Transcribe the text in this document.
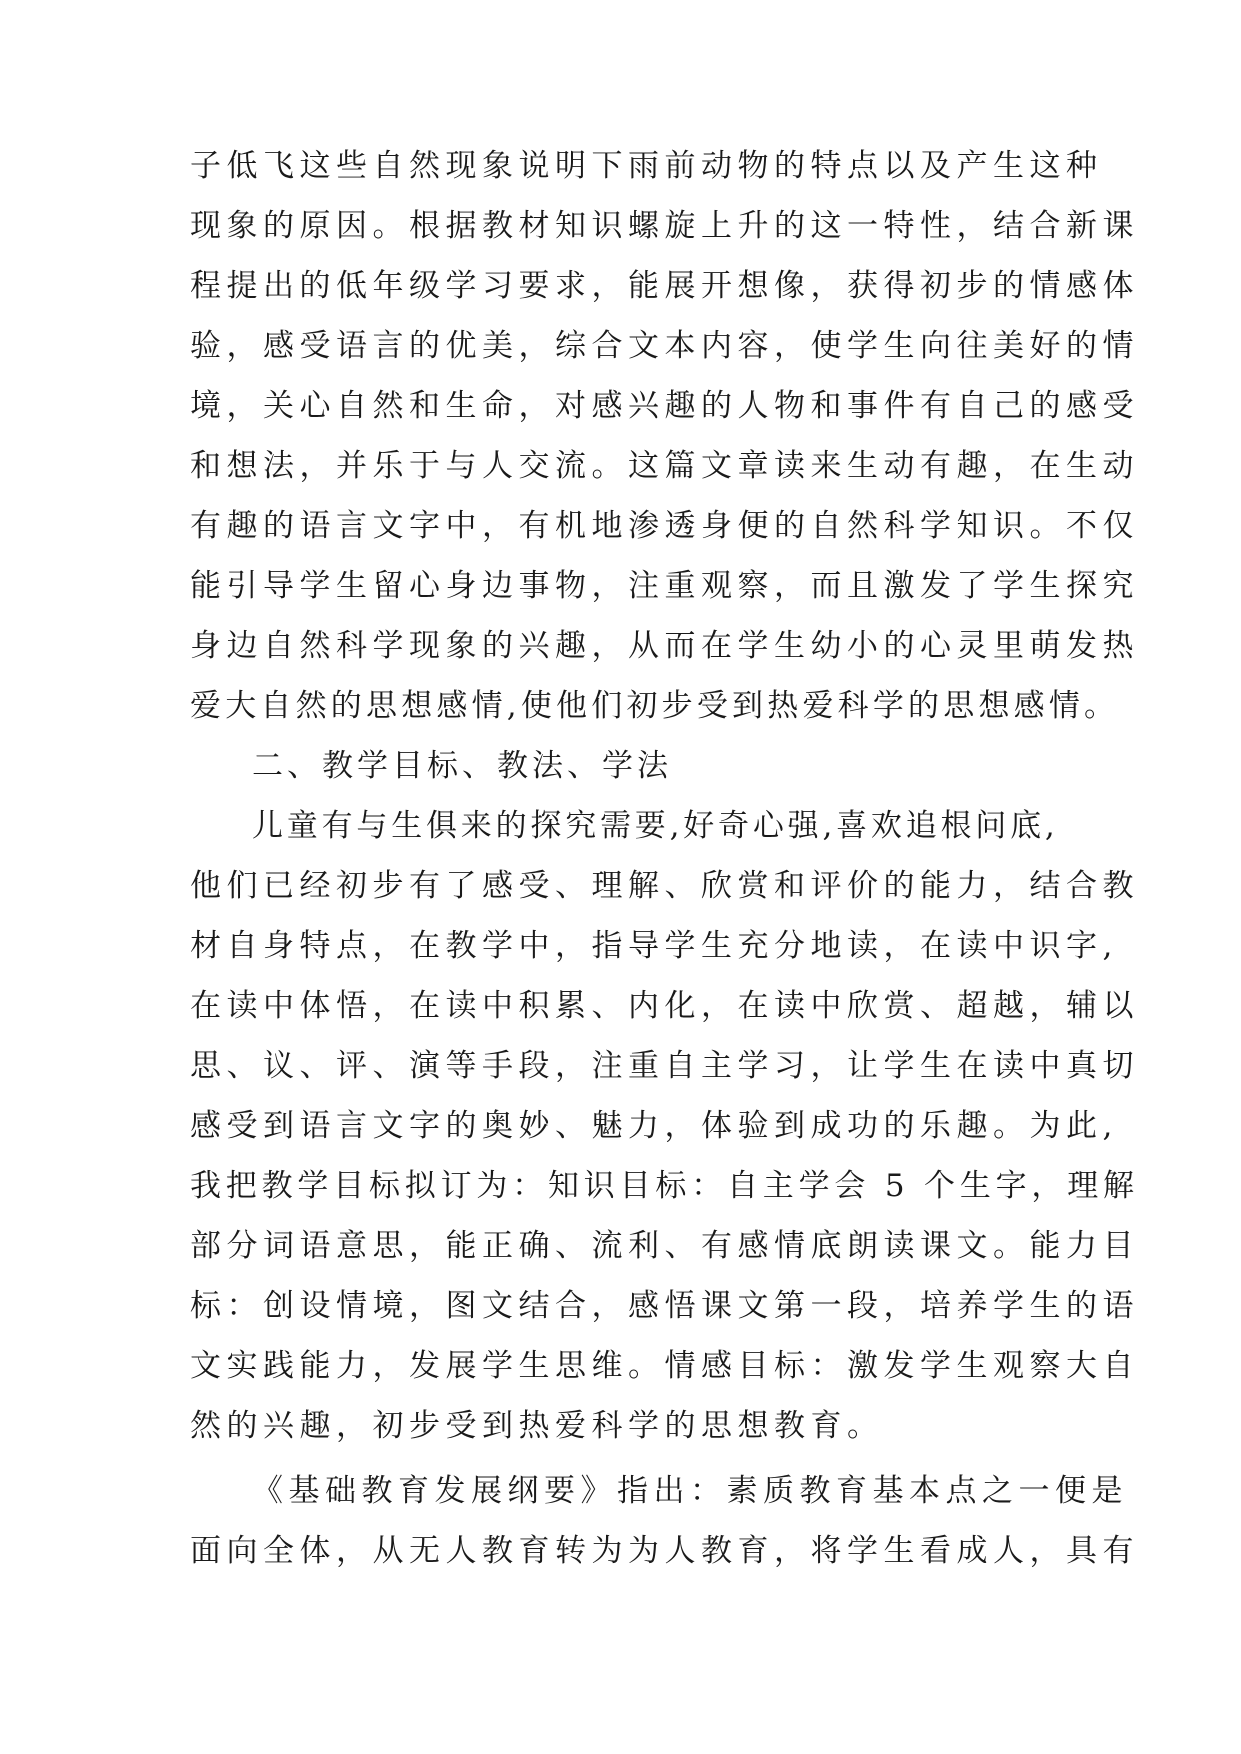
子低飞这些自然现象说明下雨前动物的特点以及产生这种
现象的原因。根据教材知识螺旋上升的这一特性，结合新课
程提出的低年级学习要求，能展开想像，获得初步的情感体
验，感受语言的优美，综合文本内容，使学生向往美好的情
境，关心自然和生命，对感兴趣的人物和事件有自己的感受
和想法，并乐于与人交流。这篇文章读来生动有趣，在生动
有趣的语言文字中，有机地渗透身便的自然科学知识。不仅
能引导学生留心身边事物，注重观察，而且激发了学生探究
身边自然科学现象的兴趣，从而在学生幼小的心灵里萌发热
爱大自然的思想感情,使他们初步受到热爱科学的思想感情。
二、教学目标、教法、学法
儿童有与生俱来的探究需要,好奇心强,喜欢追根问底,
他们已经初步有了感受、理解、欣赏和评价的能力，结合教
材自身特点，在教学中，指导学生充分地读，在读中识字,
在读中体悟，在读中积累、内化，在读中欣赏、超越，辅以
思、议、评、演等手段，注重自主学习，让学生在读中真切
感受到语言文字的奥妙、魅力，体验到成功的乐趣。为此,
我把教学目标拟订为：知识目标：自主学会 5 个生字，理解
部分词语意思，能正确、流利、有感情底朗读课文。能力目
标：创设情境，图文结合，感悟课文第一段，培养学生的语
文实践能力，发展学生思维。情感目标：激发学生观察大自
然的兴趣，初步受到热爱科学的思想教育。
《基础教育发展纲要》指出：素质教育基本点之一便是
面向全体，从无人教育转为为人教育，将学生看成人，具有
